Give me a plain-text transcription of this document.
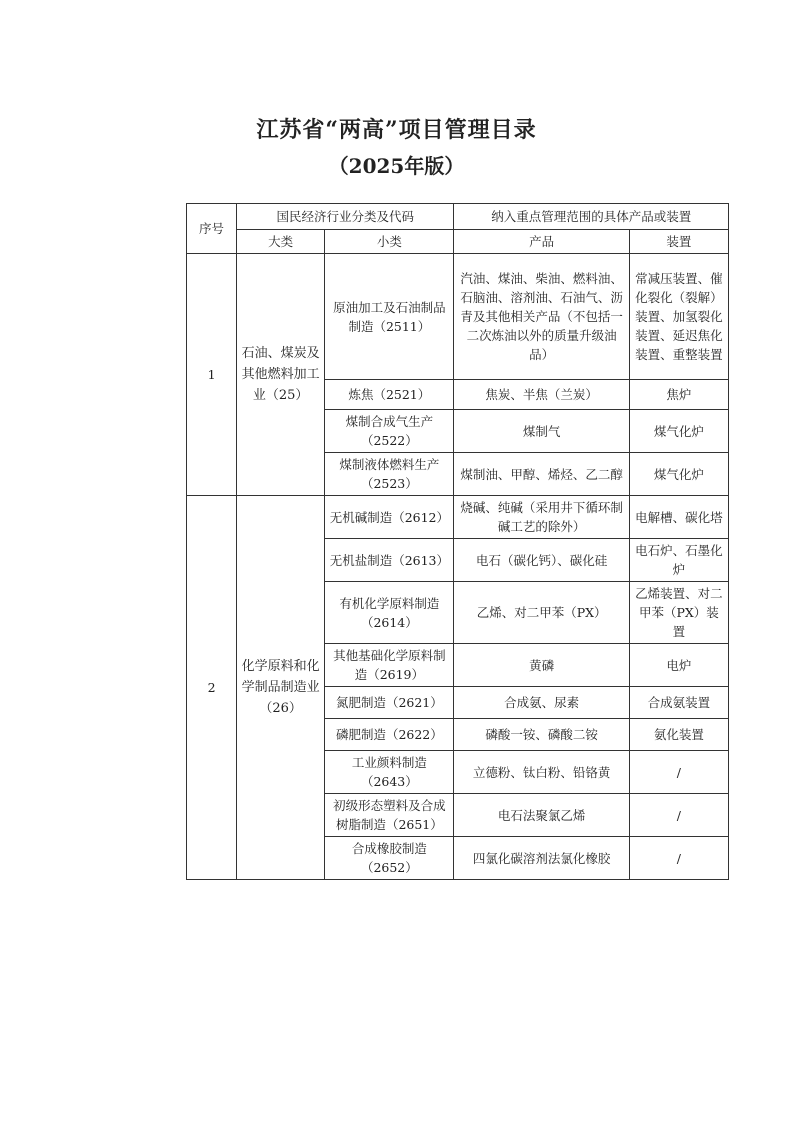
江苏省“两高”项目管理目录
（2025年版）
序号	国民经济行业分类及代码		纳入重点管理范围的具体产品或装置	
	大类	小类	产品	装置
1	石油、煤炭及其他燃料加工业（25）	原油加工及石油制品制造（2511）	汽油、煤油、柴油、燃料油、石脑油、溶剂油、石油气、沥青及其他相关产品（不包括一二次炼油以外的质量升级油品）	常减压装置、催化裂化（裂解）装置、加氢裂化装置、延迟焦化装置、重整装置
		炼焦（2521）	焦炭、半焦（兰炭）	焦炉
		煤制合成气生产（2522）	煤制气	煤气化炉
		煤制液体燃料生产（2523）	煤制油、甲醇、烯烃、乙二醇	煤气化炉
2	化学原料和化学制品制造业（26）	无机碱制造（2612）	烧碱、纯碱（采用井下循环制碱工艺的除外）	电解槽、碳化塔
		无机盐制造（2613）	电石（碳化钙）、碳化硅	电石炉、石墨化炉
		有机化学原料制造（2614）	乙烯、对二甲苯（PX）	乙烯装置、对二甲苯（PX）装置
		其他基础化学原料制造（2619）	黄磷	电炉
		氮肥制造（2621）	合成氨、尿素	合成氨装置
		磷肥制造（2622）	磷酸一铵、磷酸二铵	氨化装置
		工业颜料制造（2643）	立德粉、钛白粉、铅铬黄	/
		初级形态塑料及合成树脂制造（2651）	电石法聚氯乙烯	/
		合成橡胶制造（2652）	四氯化碳溶剂法氯化橡胶	/
